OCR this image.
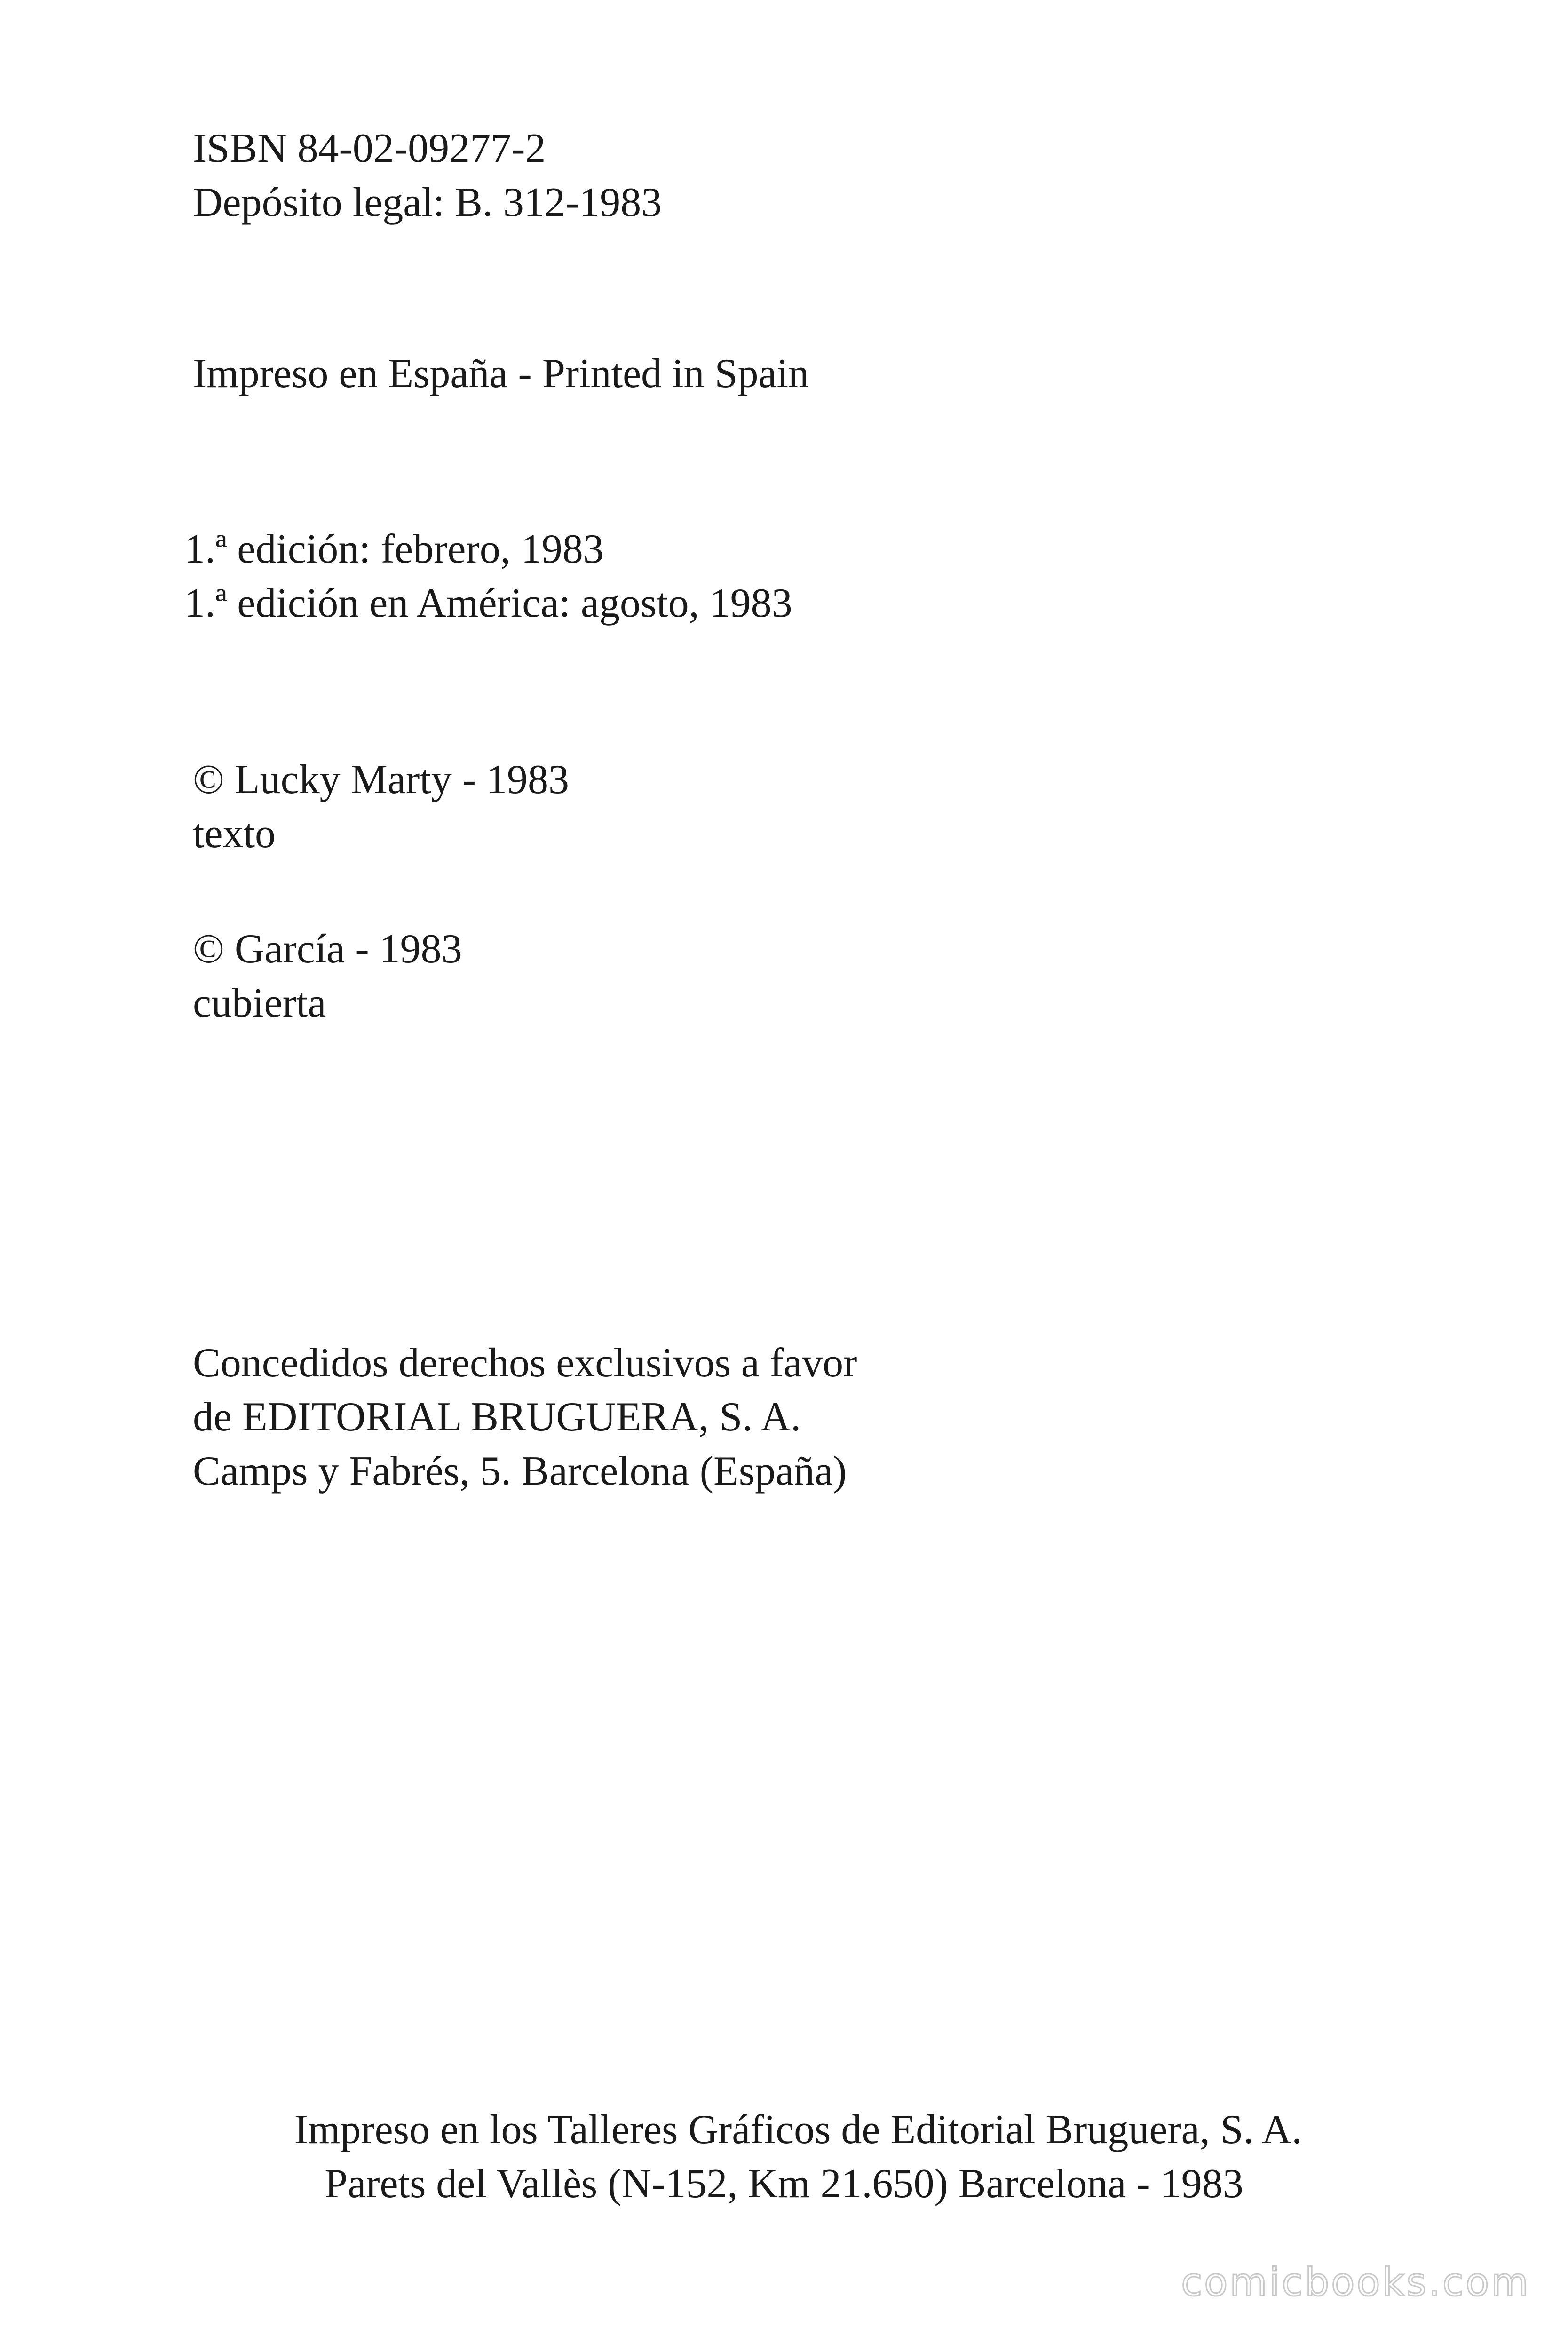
ISBN 84-02-09277-2
Depósito legal: B. 312-1983
Impreso en España - Printed in Spain
1.ª edición: febrero, 1983
1.ª edición en América: agosto, 1983
© Lucky Marty - 1983
texto
© García - 1983
cubierta
Concedidos derechos exclusivos a favor
de EDITORIAL BRUGUERA, S. A.
Camps y Fabrés, 5. Barcelona (España)
Impreso en los Talleres Gráficos de Editorial Bruguera, S. A.
Parets del Vallès (N-152, Km 21.650) Barcelona - 1983
comicbooks.com
